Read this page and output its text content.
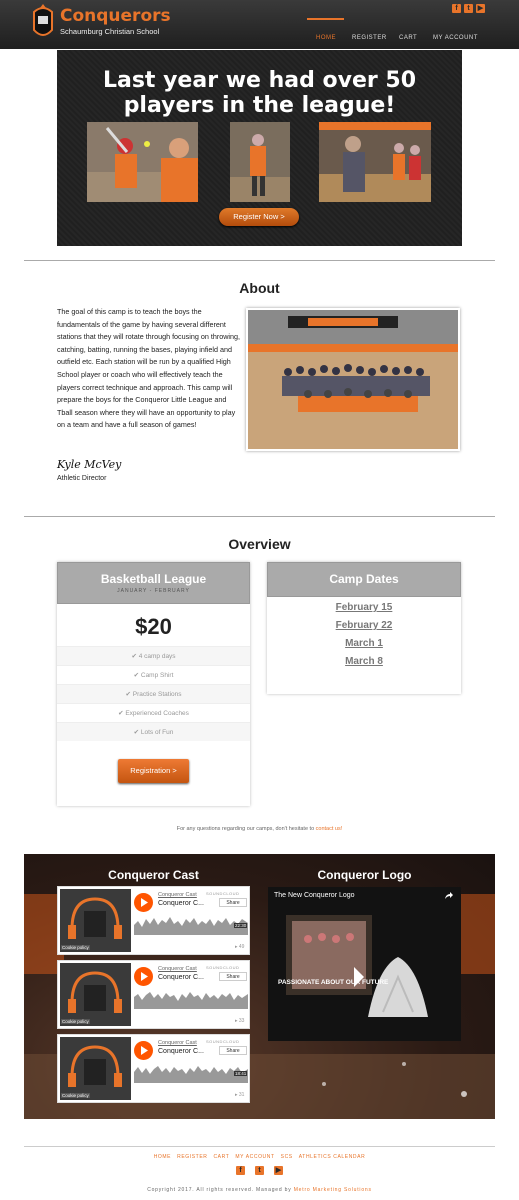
Conquerors
Schaumburg Christian School
f	t	▶
HOME	REGISTER CART	MY ACCOUNT
Last year we had over 50
players in the league!
Register Now >
About
The goal of this camp is to teach the boys the fundamentals of the game by having several different stations that they will rotate through focusing on throwing, catching, batting, running the bases, playing infield and outfield etc. Each station will be run by a qualified High School player or coach who will effectively teach the players correct technique and approach. This camp will prepare the boys for the Conqueror Little League and Tball season where they will have an opportunity to play on a team and have a full season of games!
Kyle McVey
Athletic Director
Overview
Basketball League
JANUARY - FEBRUARY
$20
✔ 4 camp days
✔ Camp Shirt
✔ Practice Stations
✔ Experienced Coaches
✔ Lots of Fun
Registration >
Camp Dates
February 15
February 22
March 1
March 8
For any questions regarding our camps, don't hesitate to contact us!
Conqueror Cast	Conqueror Logo
Conqueror Cast
Conqueror C...
SOUNDCLOUD
Share
22:30
▸ 49
Cookie policy
Conqueror Cast
Conqueror C...
SOUNDCLOUD
Share
▸ 33
Cookie policy
Conqueror Cast
Conqueror C...
SOUNDCLOUD
Share
18:41
▸ 31
Cookie policy
The New Conqueror Logo
PASSIONATE ABOUT OUR FUTURE
HOME REGISTER CART MY ACCOUNT SCS ATHLETICS CALENDAR
f	t	▶
Copyright 2017. All rights reserved. Managed by Metro Marketing Solutions
